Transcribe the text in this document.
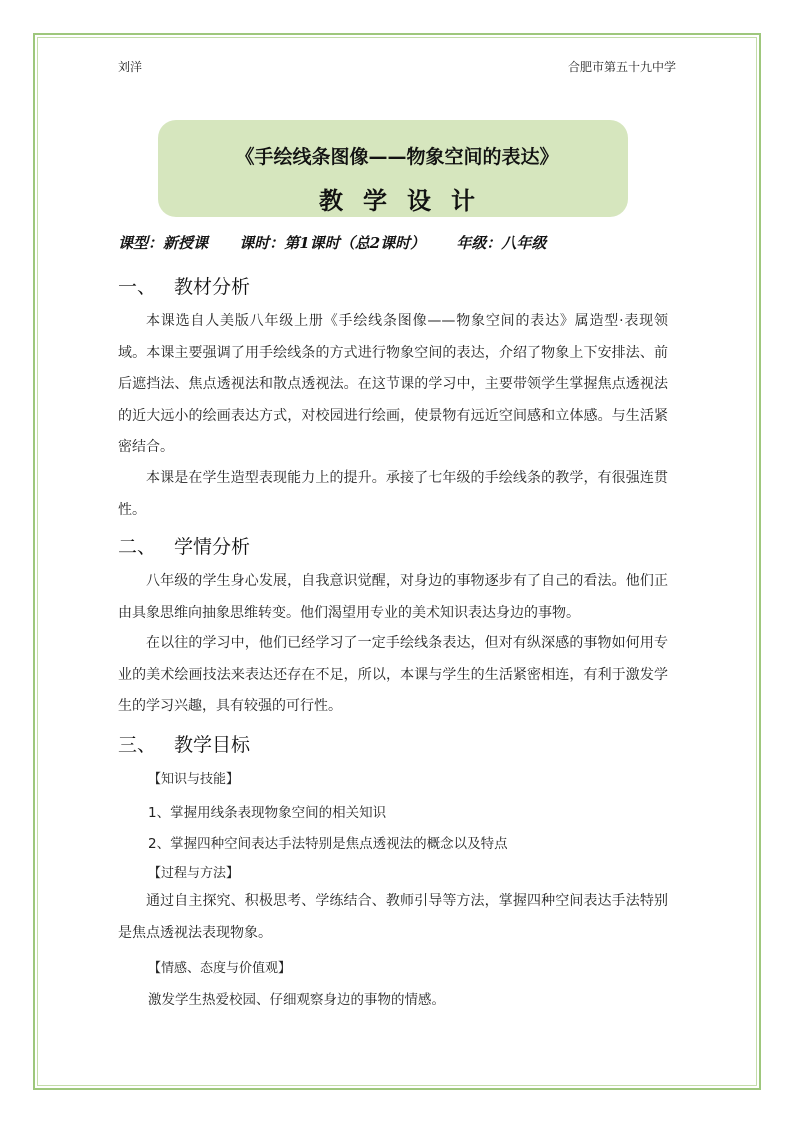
刘洋	合肥市第五十九中学
《手绘线条图像——物象空间的表达》
教学设计
课型：新授课 课时：第1课时（总2课时） 年级：八年级
一、 教材分析

本课选自人美版八年级上册《手绘线条图像——物象空间的表达》属造型·表现领域。本课主要强调了用手绘线条的方式进行物象空间的表达，介绍了物象上下安排法、前后遮挡法、焦点透视法和散点透视法。在这节课的学习中，主要带领学生掌握焦点透视法的近大远小的绘画表达方式，对校园进行绘画，使景物有远近空间感和立体感。与生活紧密结合。

本课是在学生造型表现能力上的提升。承接了七年级的手绘线条的教学，有很强连贯性。

二、 学情分析

八年级的学生身心发展，自我意识觉醒，对身边的事物逐步有了自己的看法。他们正由具象思维向抽象思维转变。他们渴望用专业的美术知识表达身边的事物。

在以往的学习中，他们已经学习了一定手绘线条表达，但对有纵深感的事物如何用专业的美术绘画技法来表达还存在不足，所以，本课与学生的生活紧密相连，有利于激发学生的学习兴趣，具有较强的可行性。

三、 教学目标
【知识与技能】
1、掌握用线条表现物象空间的相关知识
2、掌握四种空间表达手法特别是焦点透视法的概念以及特点
【过程与方法】

通过自主探究、积极思考、学练结合、教师引导等方法，掌握四种空间表达手法特别是焦点透视法表现物象。

【情感、态度与价值观】
激发学生热爱校园、仔细观察身边的事物的情感。
